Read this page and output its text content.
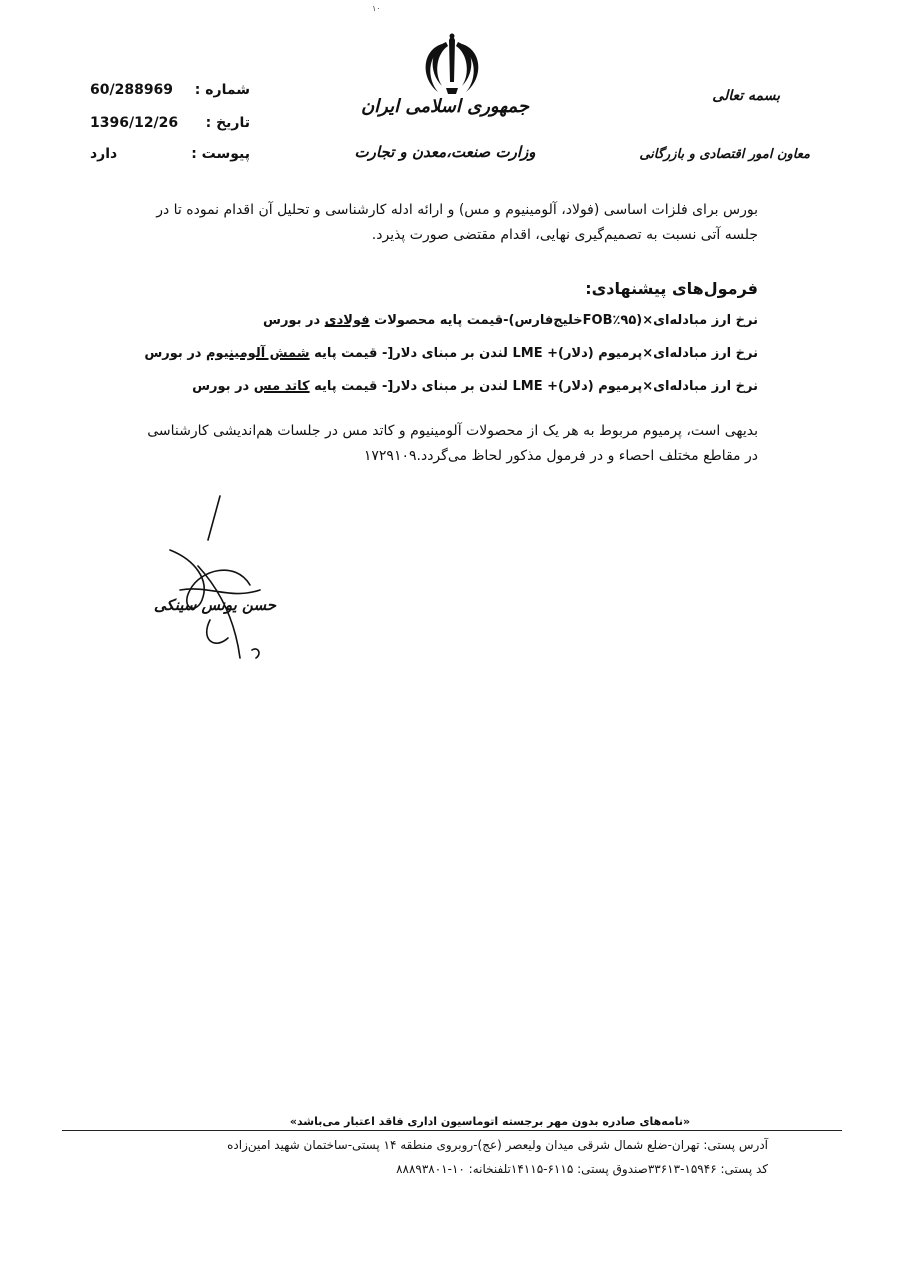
۱۰
جمهوری اسلامی ایران
وزارت صنعت،معدن و تجارت
بسمه تعالی
معاون امور اقتصادی و بازرگانی
60/288969 شماره :
1396/12/26 تاریخ :
دارد	پیوست :
بورس برای فلزات اساسی (فولاد، آلومینیوم و مس) و ارائه ادله کارشناسی و تحلیل آن اقدام نموده تا در جلسه آتی نسبت به تصمیم‌گیری نهایی، اقدام مقتضی صورت پذیرد.
فرمول‌های پیشنهادی:
نرخ ارز مبادله‌ای×(FOB٪۹۵خلیج‌فارس)-قیمت پایه محصولات فولادی در بورس
نرخ ارز مبادله‌ای×پرمیوم (دلار)+ LME لندن بر مبنای دلار[- قیمت پایه شمش آلومینیوم در بورس
نرخ ارز مبادله‌ای×پرمیوم (دلار)+ LME لندن بر مبنای دلار[- قیمت پایه کاتد مس در بورس
بدیهی است، پرمیوم مربوط به هر یک از محصولات آلومینیوم و کاتد مس در جلسات هم‌اندیشی کارشناسی در مقاطع مختلف احصاء و در فرمول مذکور لحاظ می‌گردد.۱۷۲۹۱۰۹
حسن یونس سینکی
«نامه‌های صادره بدون مهر برجسته اتوماسیون اداری فاقد اعتبار می‌باشد»
آدرس پستی: تهران-ضلع شمال شرقی میدان ولیعصر (عج)-روبروی منطقه ۱۴ پستی-ساختمان شهید امین‌زاده
کد پستی: ۱۵۹۴۶-۳۳۶۱۳صندوق پستی: ۶۱۱۵-۱۴۱۱۵تلفنخانه: ۱۰-۸۸۸۹۳۸۰۱
